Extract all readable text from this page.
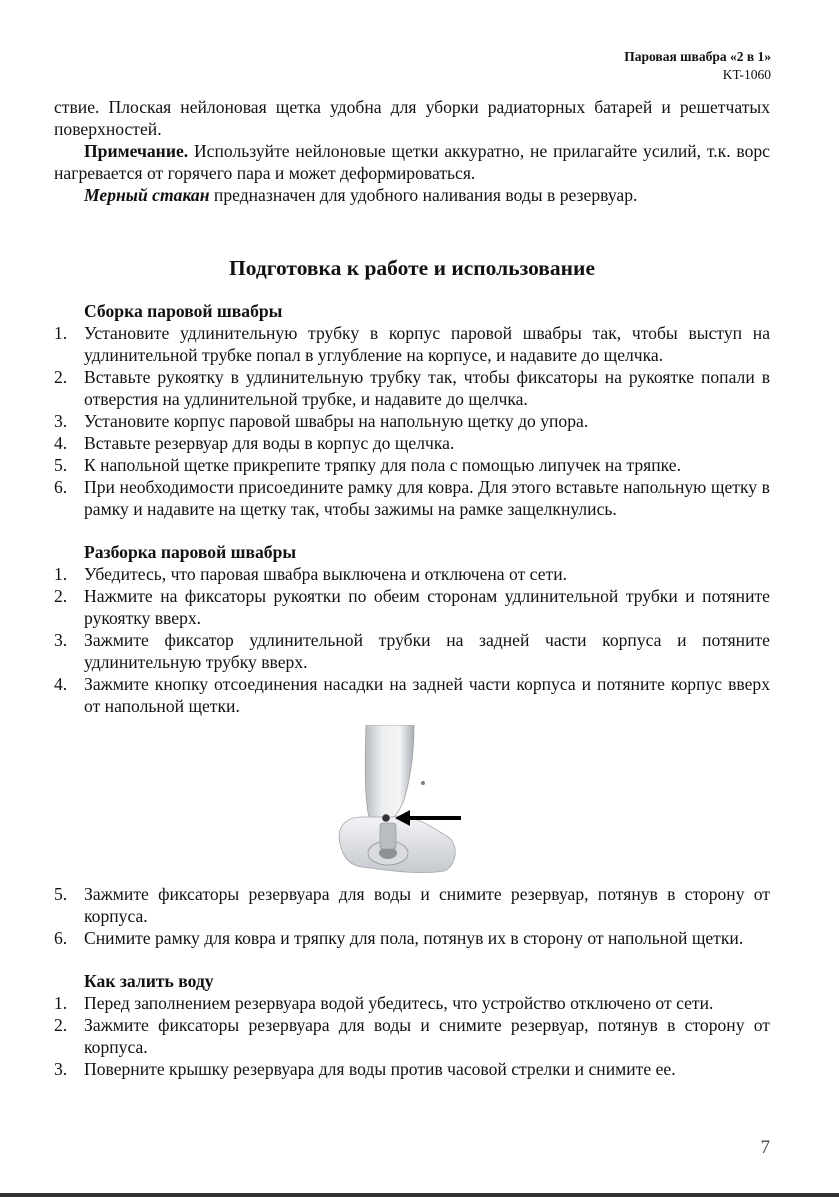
Паровая швабра «2 в 1»
KT-1060

ствие. Плоская нейлоновая щетка удобна для уборки радиаторных батарей и решетчатых поверхностей.

Примечание. Используйте нейлоновые щетки аккуратно, не прилагайте усилий, т.к. ворс нагревается от горячего пара и может деформироваться.

Мерный стакан предназначен для удобного наливания воды в резервуар.

Подготовка к работе и использование
Сборка паровой швабры
1. Установите удлинительную трубку в корпус паровой швабры так, чтобы выступ на удлинительной трубке попал в углубление на корпусе, и надавите до щелчка.
2. Вставьте рукоятку в удлинительную трубку так, чтобы фиксаторы на рукоятке попали в отверстия на удлинительной трубке, и надавите до щелчка.
3. Установите корпус паровой швабры на напольную щетку до упора.
4. Вставьте резервуар для воды в корпус до щелчка.
5. К напольной щетке прикрепите тряпку для пола с помощью липучек на тряпке.
6. При необходимости присоедините рамку для ковра. Для этого вставьте напольную щетку в рамку и надавите на щетку так, чтобы зажимы на рамке защелкнулись.
Разборка паровой швабры
1. Убедитесь, что паровая швабра выключена и отключена от сети.
2. Нажмите на фиксаторы рукоятки по обеим сторонам удлинительной трубки и потяните рукоятку вверх.
3. Зажмите фиксатор удлинительной трубки на задней части корпуса и потяните удлинительную трубку вверх.
4. Зажмите кнопку отсоединения насадки на задней части корпуса и потяните корпус вверх от напольной щетки.
5. Зажмите фиксаторы резервуара для воды и снимите резервуар, потянув в сторону от корпуса.
6. Снимите рамку для ковра и тряпку для пола, потянув их в сторону от напольной щетки.
Как залить воду
1. Перед заполнением резервуара водой убедитесь, что устройство отключено от сети.
2. Зажмите фиксаторы резервуара для воды и снимите резервуар, потянув в сторону от корпуса.
3. Поверните крышку резервуара для воды против часовой стрелки и снимите ее.
7
